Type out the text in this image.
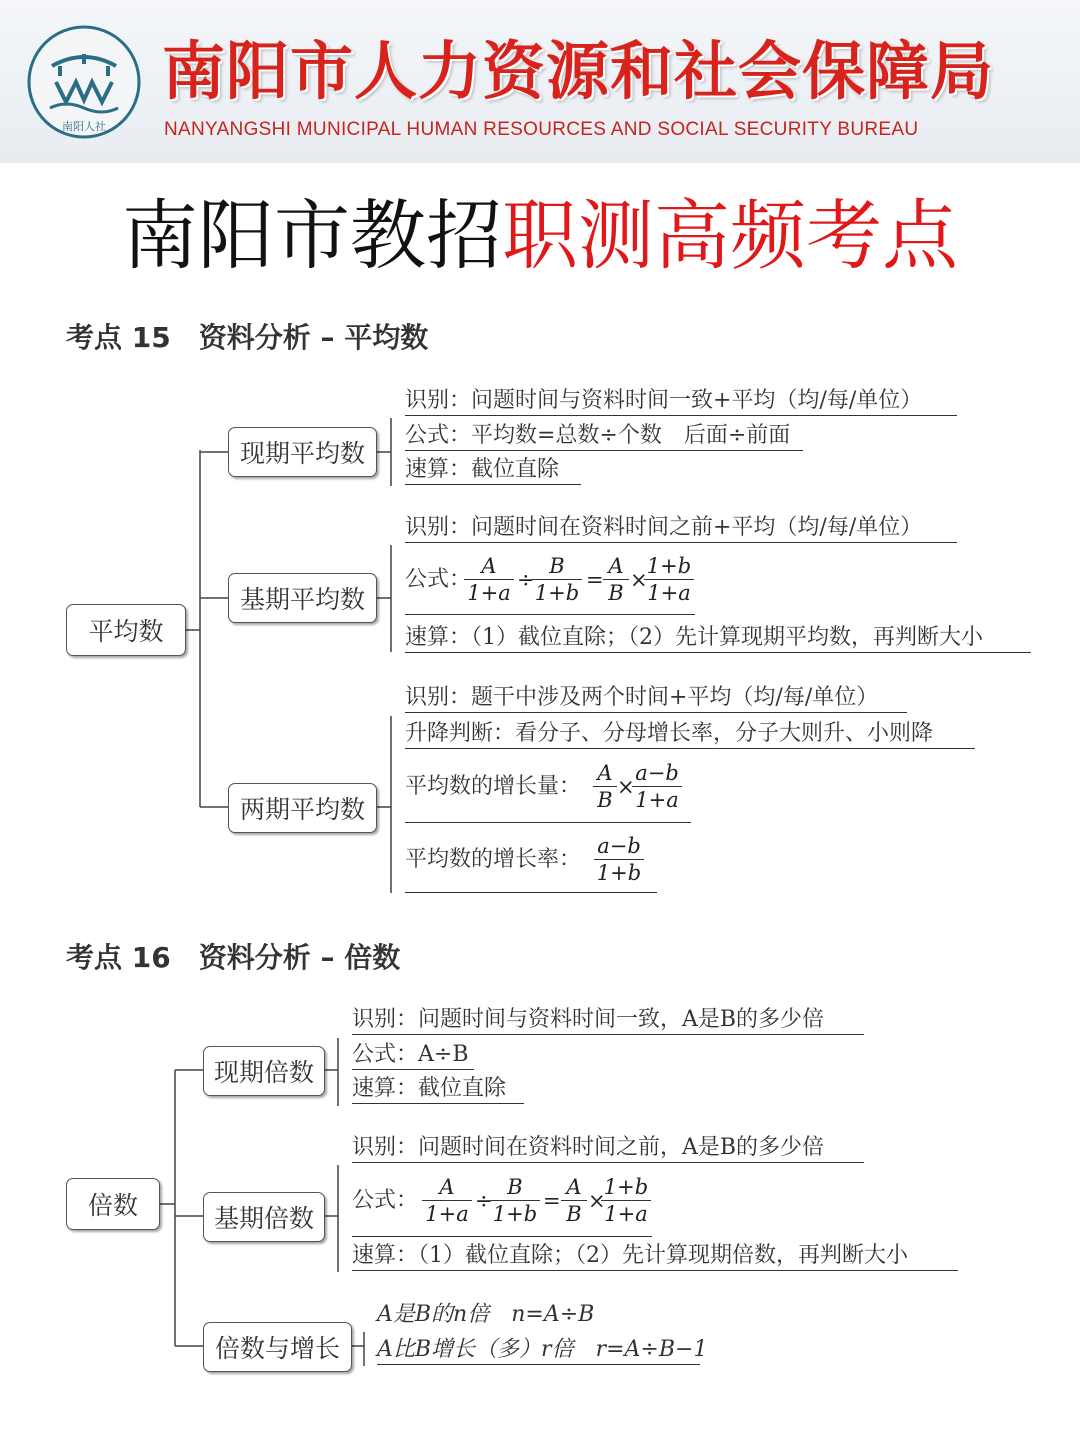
南阳人社
南阳市人力资源和社会保障局
NANYANGSHI MUNICIPAL HUMAN RESOURCES AND SOCIAL SECURITY BUREAU
南阳市教招职测高频考点
考点 15 资料分析 – 平均数
平均数
现期平均数
识别：问题时间与资料时间一致+平均（均/每/单位）
公式：平均数=总数÷个数　后面÷前面
速算：截位直除
基期平均数
识别：问题时间在资料时间之前+平均（均/每/单位）
公式：
$\frac{A}{1+a}$ ÷
$\frac{B}{1+b} = \frac{A}{B}$ ×
$\frac{1+b}{1+a}$
速算：（1）截位直除；（2）先计算现期平均数，再判断大小
两期平均数
识别：题干中涉及两个时间+平均（均/每/单位）
升降判断：看分子、分母增长率，分子大则升、小则降
平均数的增长量： $\frac{A}{B}$ ×
$\frac{a-b}{1+a}$
平均数的增长率： $\frac{a-b}{1+b}$
考点 16 资料分析 – 倍数
倍数
现期倍数
识别：问题时间与资料时间一致，A是B的多少倍
公式：A÷B
速算：截位直除
基期倍数
识别：问题时间在资料时间之前，A是B的多少倍
公式： $\frac{A}{1+a}$ ÷
$\frac{B}{1+b} = \frac{A}{B}$ ×
$\frac{1+b}{1+a}$
速算：（1）截位直除；（2）先计算现期倍数，再判断大小
倍数与增长
A是B的n倍　n=A÷B
A比B增长（多）r倍　r=A÷B−1
